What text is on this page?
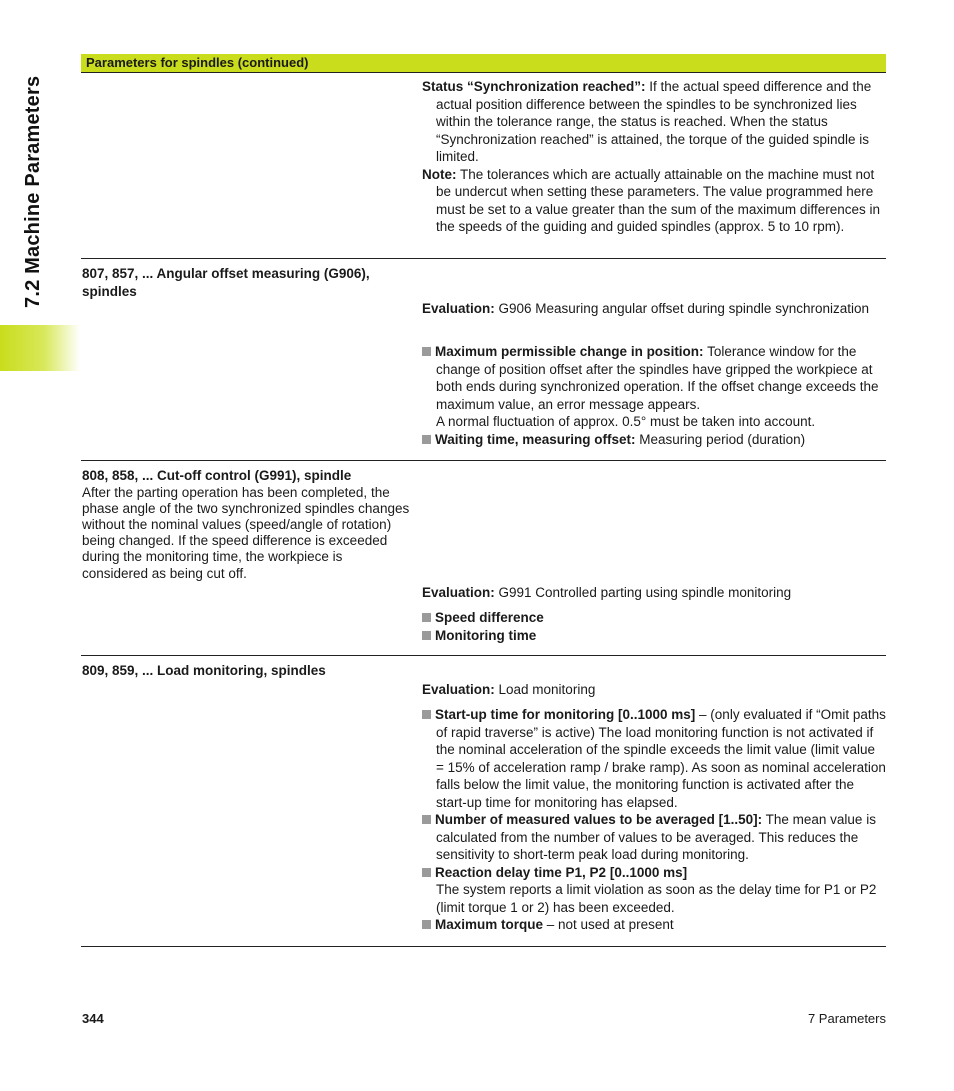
7.2 Machine Parameters
Parameters for spindles (continued)

Status “Synchronization reached”: If the actual speed difference and the actual position difference between the spindles to be synchronized lies within the tolerance range, the status is reached. When the status “Synchronization reached” is attained, the torque of the guided spindle is limited.

Note: The tolerances which are actually attainable on the machine must not be undercut when setting these parameters. The value programmed here must be set to a value greater than the sum of the maximum differences in the speeds of the guiding and guided spindles (approx. 5 to 10 rpm).

807, 857, ... Angular offset measuring (G906), spindles

Evaluation: G906 Measuring angular offset during spindle synchronization

Maximum permissible change in position: Tolerance window for the change of position offset after the spindles have gripped the workpiece at both ends during synchronized operation. If the offset change exceeds the maximum value, an error message appears.

A normal fluctuation of approx. 0.5° must be taken into account.

Waiting time, measuring offset: Measuring period (duration)

808, 858, ... Cut-off control (G991), spindle
After the parting operation has been completed, the phase angle of the two synchronized spindles changes without the nominal values (speed/angle of rotation) being changed. If the speed difference is exceeded during the monitoring time, the workpiece is considered as being cut off.

Evaluation: G991 Controlled parting using spindle monitoring

Speed difference

Monitoring time

809, 859, ... Load monitoring, spindles

Evaluation: Load monitoring

Start-up time for monitoring [0..1000 ms] – (only evaluated if “Omit paths of rapid traverse” is active) The load monitoring function is not activated if the nominal acceleration of the spindle exceeds the limit value (limit value = 15% of acceleration ramp / brake ramp). As soon as nominal acceleration falls below the limit value, the monitoring function is activated after the start-up time for monitoring has elapsed.

Number of measured values to be averaged [1..50]: The mean value is calculated from the number of values to be averaged. This reduces the sensitivity to short-term peak load during monitoring.

Reaction delay time P1, P2 [0..1000 ms]

The system reports a limit violation as soon as the delay time for P1 or P2 (limit torque 1 or 2) has been exceeded.

Maximum torque – not used at present

344	7 Parameters
